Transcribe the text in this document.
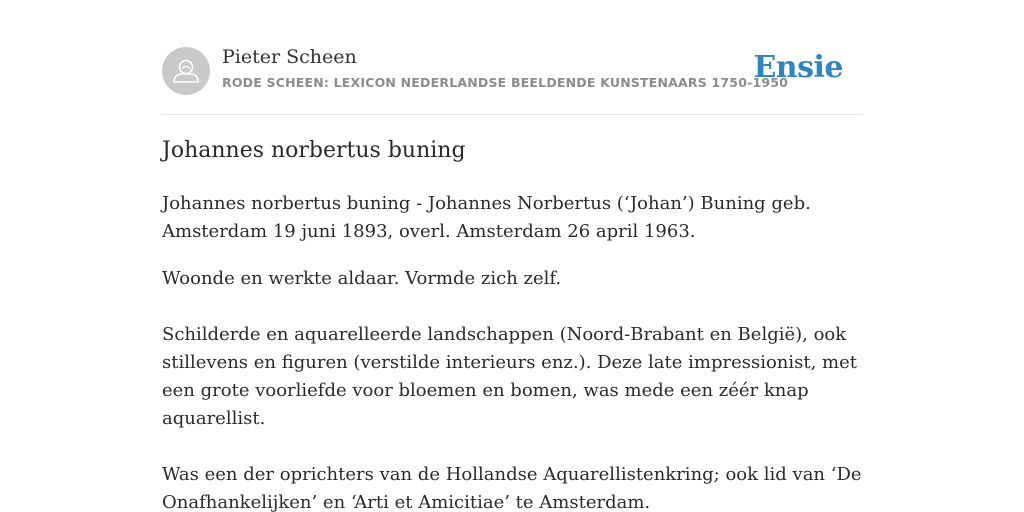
Pieter Scheen
RODE SCHEEN: LEXICON NEDERLANDSE BEELDENDE KUNSTENAARS 1750-1950
Ensie
Johannes norbertus buning

Johannes norbertus buning - Johannes Norbertus (‘Johan’) Buning geb. Amsterdam 19 juni 1893, overl. Amsterdam 26 april 1963.

Woonde en werkte aldaar. Vormde zich zelf.

Schilderde en aquarelleerde landschappen (Noord-Brabant en België), ook stillevens en figuren (verstilde interieurs enz.). Deze late impressionist, met een grote voorliefde voor bloemen en bomen, was mede een zéér knap aquarellist.

Was een der oprichters van de Hollandse Aquarellistenkring; ook lid van ‘De Onafhankelijken’ en ‘Arti et Amicitiae’ te Amsterdam.
